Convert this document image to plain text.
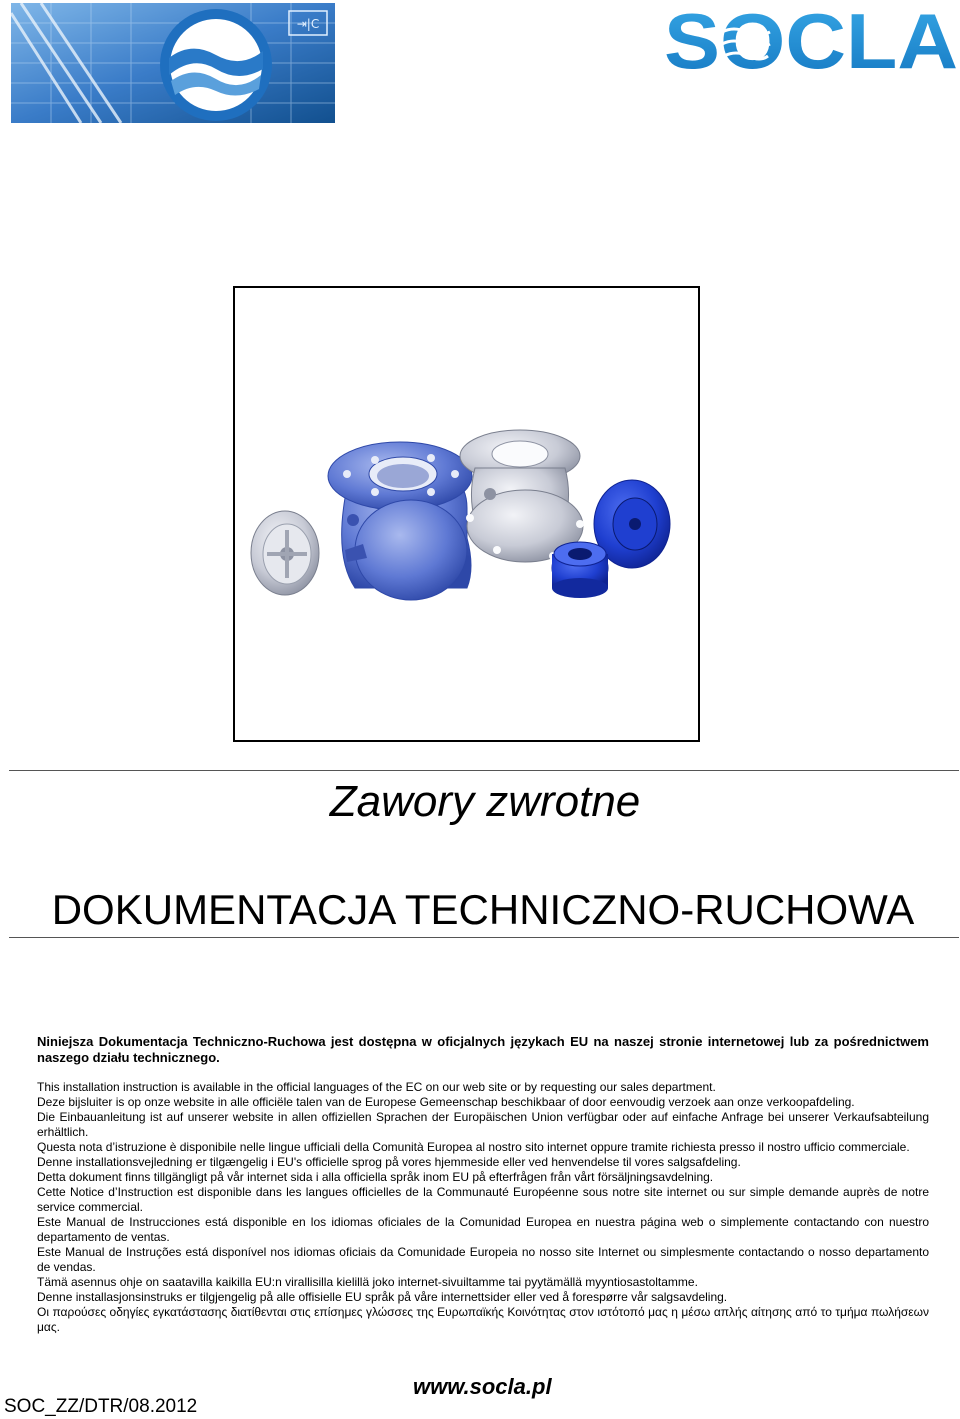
⇥|C	SOCLA
Zawory zwrotne
DOKUMENTACJA TECHNICZNO-RUCHOWA

Niniejsza Dokumentacja Techniczno-Ruchowa jest dostępna w oficjalnych językach EU na naszej stronie internetowej lub za pośrednictwem naszego działu technicznego.

This installation instruction is available in the official languages of the EC on our web site or by requesting our sales department.

Deze bijsluiter is op onze website in alle officiële talen van de Europese Gemeenschap beschikbaar of door eenvoudig verzoek aan onze verkoopafdeling.

Die Einbauanleitung ist auf unserer website in allen offiziellen Sprachen der Europäischen Union verfügbar oder auf einfache Anfrage bei unserer Verkaufsabteilung erhältlich.

Questa nota d’istruzione è disponibile nelle lingue ufficiali della Comunità Europea al nostro sito internet oppure tramite richiesta presso il nostro ufficio commerciale.

Denne installationsvejledning er tilgængelig i EU's officielle sprog på vores hjemmeside eller ved henvendelse til vores salgsafdeling.

Detta dokument finns tillgängligt på vår internet sida i alla officiella språk inom EU på efterfrågen från vårt försäljningsavdelning.

Cette Notice d’Instruction est disponible dans les langues officielles de la Communauté Européenne sous notre site internet ou sur simple demande auprès de notre service commercial.

Este Manual de Instrucciones está disponible en los idiomas oficiales de la Comunidad Europea en nuestra página web o simplemente contactando con nuestro departamento de ventas.

Este Manual de Instruções está disponível nos idiomas oficiais da Comunidade Europeia no nosso site Internet ou simplesmente contactando o nosso departamento de vendas.

Tämä asennus ohje on saatavilla kaikilla EU:n virallisilla kielillä joko internet-sivuiltamme tai pyytämällä myyntiosastoltamme.

Denne installasjonsinstruks er tilgjengelig på alle offisielle EU språk på våre internettsider eller ved å forespørre vår salgsavdeling.

Οι παρούσες οδηγίες εγκατάστασης διατίθενται στις επίσημες γλώσσες της Ευρωπαϊκής Κοινότητας στον ιστότοπό μας η μέσω απλής αίτησης από το τμήμα πωλήσεων μας.

www.socla.pl
SOC_ZZ/DTR/08.2012
